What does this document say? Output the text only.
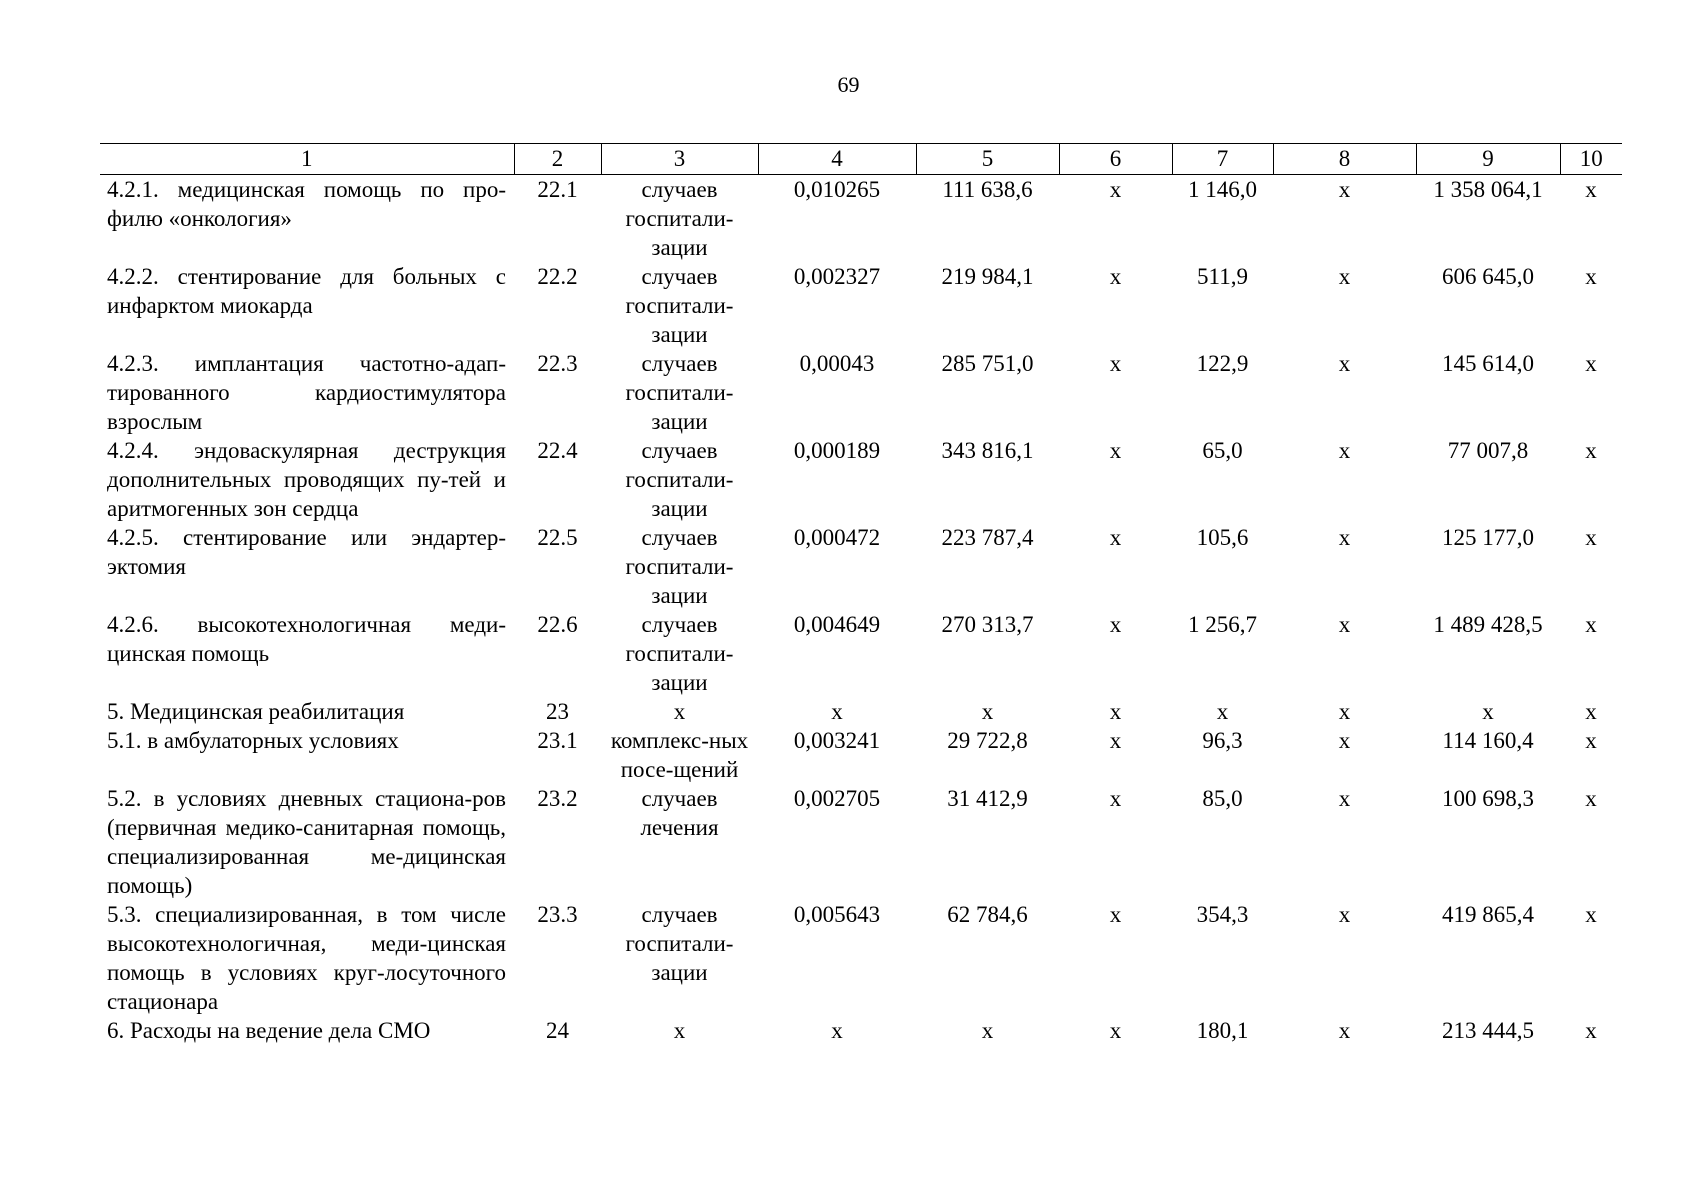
69
1	2	3	4	5	6	7	8	9	10
4.2.1. медицинская помощь по про-филю «онкология»	22.1	случаев госпитали-зации	0,010265	111 638,6	х	1 146,0	х	1 358 064,1	х
4.2.2. стентирование для больных с инфарктом миокарда	22.2	случаев госпитали-зации	0,002327	219 984,1	х	511,9	х	606 645,0	х
4.2.3. имплантация частотно-адап-тированного кардиостимулятора взрослым	22.3	случаев госпитали-зации	0,00043	285 751,0	х	122,9	х	145 614,0	х
4.2.4. эндоваскулярная деструкция дополнительных проводящих пу-тей и аритмогенных зон сердца	22.4	случаев госпитали-зации	0,000189	343 816,1	х	65,0	х	77 007,8	х
4.2.5. стентирование или эндартер-эктомия	22.5	случаев госпитали-зации	0,000472	223 787,4	х	105,6	х	125 177,0	х
4.2.6. высокотехнологичная меди-цинская помощь	22.6	случаев госпитали-зации	0,004649	270 313,7	х	1 256,7	х	1 489 428,5	х
5. Медицинская реабилитация	23	х	х	х	х	х	х	х	х
5.1. в амбулаторных условиях	23.1	комплекс-ных посе-щений	0,003241	29 722,8	х	96,3	х	114 160,4	х
5.2. в условиях дневных стациона-ров (первичная медико-санитарная помощь, специализированная ме-дицинская помощь)	23.2	случаев лечения	0,002705	31 412,9	х	85,0	х	100 698,3	х
5.3. специализированная, в том числе высокотехнологичная, меди-цинская помощь в условиях круг-лосуточного стационара	23.3	случаев госпитали-зации	0,005643	62 784,6	х	354,3	х	419 865,4	х
6. Расходы на ведение дела СМО	24	х	х	х	х	180,1	х	213 444,5	х
